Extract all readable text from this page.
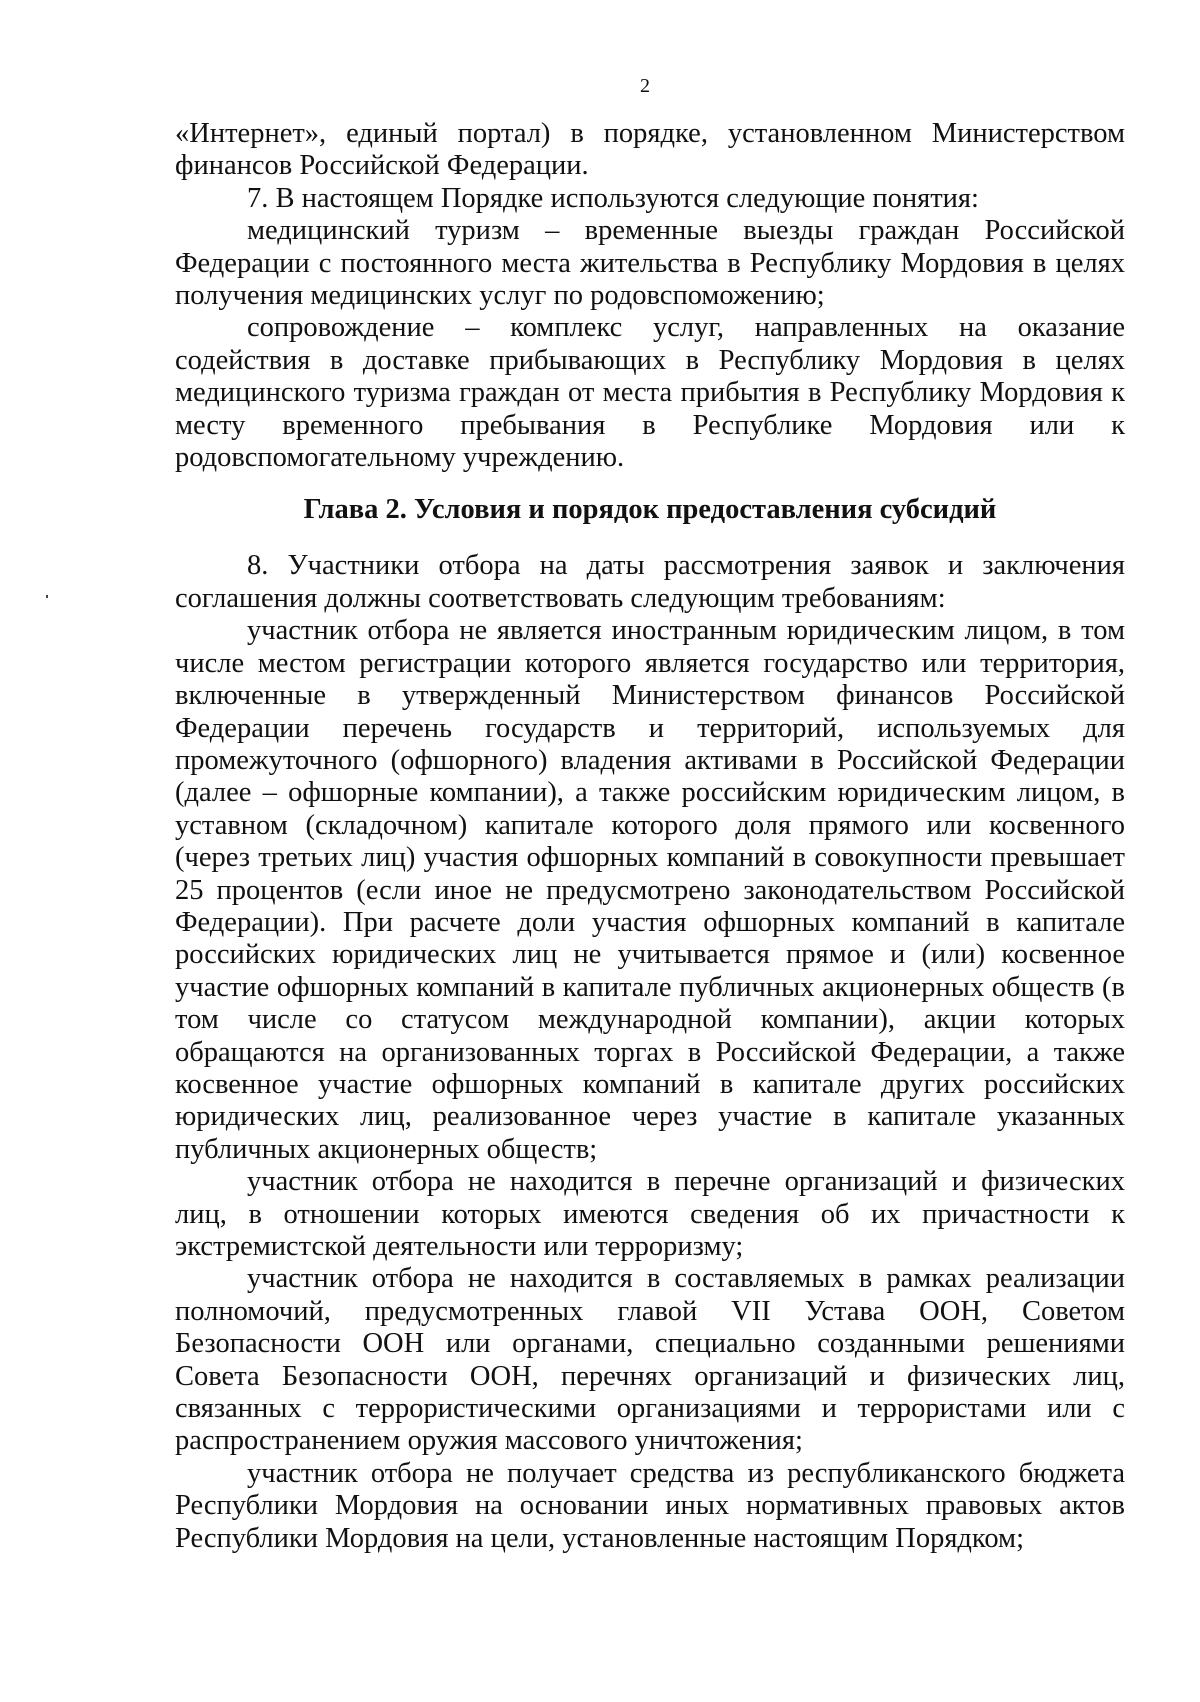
2

«Интернет», единый портал) в порядке, установленном Министерством финансов Российской Федерации.

7. В настоящем Порядке используются следующие понятия:

медицинский туризм – временные выезды граждан Российской Федерации с постоянного места жительства в Республику Мордовия в целях получения медицинских услуг по родовспоможению;

сопровождение – комплекс услуг, направленных на оказание содействия в доставке прибывающих в Республику Мордовия в целях медицинского туризма граждан от места прибытия в Республику Мордовия к месту временного пребывания в Республике Мордовия или к родовспомогательному учреждению.

Глава 2. Условия и порядок предоставления субсидий

8. Участники отбора на даты рассмотрения заявок и заключения соглашения должны соответствовать следующим требованиям:

участник отбора не является иностранным юридическим лицом, в том числе местом регистрации которого является государство или территория, включенные в утвержденный Министерством финансов Российской Федерации перечень государств и территорий, используемых для промежуточного (офшорного) владения активами в Российской Федерации (далее – офшорные компании), а также российским юридическим лицом, в уставном (складочном) капитале которого доля прямого или косвенного (через третьих лиц) участия офшорных компаний в совокупности превышает 25 процентов (если иное не предусмотрено законодательством Российской Федерации). При расчете доли участия офшорных компаний в капитале российских юридических лиц не учитывается прямое и (или) косвенное участие офшорных компаний в капитале публичных акционерных обществ (в том числе со статусом международной компании), акции которых обращаются на организованных торгах в Российской Федерации, а также косвенное участие офшорных компаний в капитале других российских юридических лиц, реализованное через участие в капитале указанных публичных акционерных обществ;

участник отбора не находится в перечне организаций и физических лиц, в отношении которых имеются сведения об их причастности к экстремистской деятельности или терроризму;

участник отбора не находится в составляемых в рамках реализации полномочий, предусмотренных главой VII Устава ООН, Советом Безопасности ООН или органами, специально созданными решениями Совета Безопасности ООН, перечнях организаций и физических лиц, связанных с террористическими организациями и террористами или с распространением оружия массового уничтожения;

участник отбора не получает средства из республиканского бюджета Республики Мордовия на основании иных нормативных правовых актов Республики Мордовия на цели, установленные настоящим Порядком;
